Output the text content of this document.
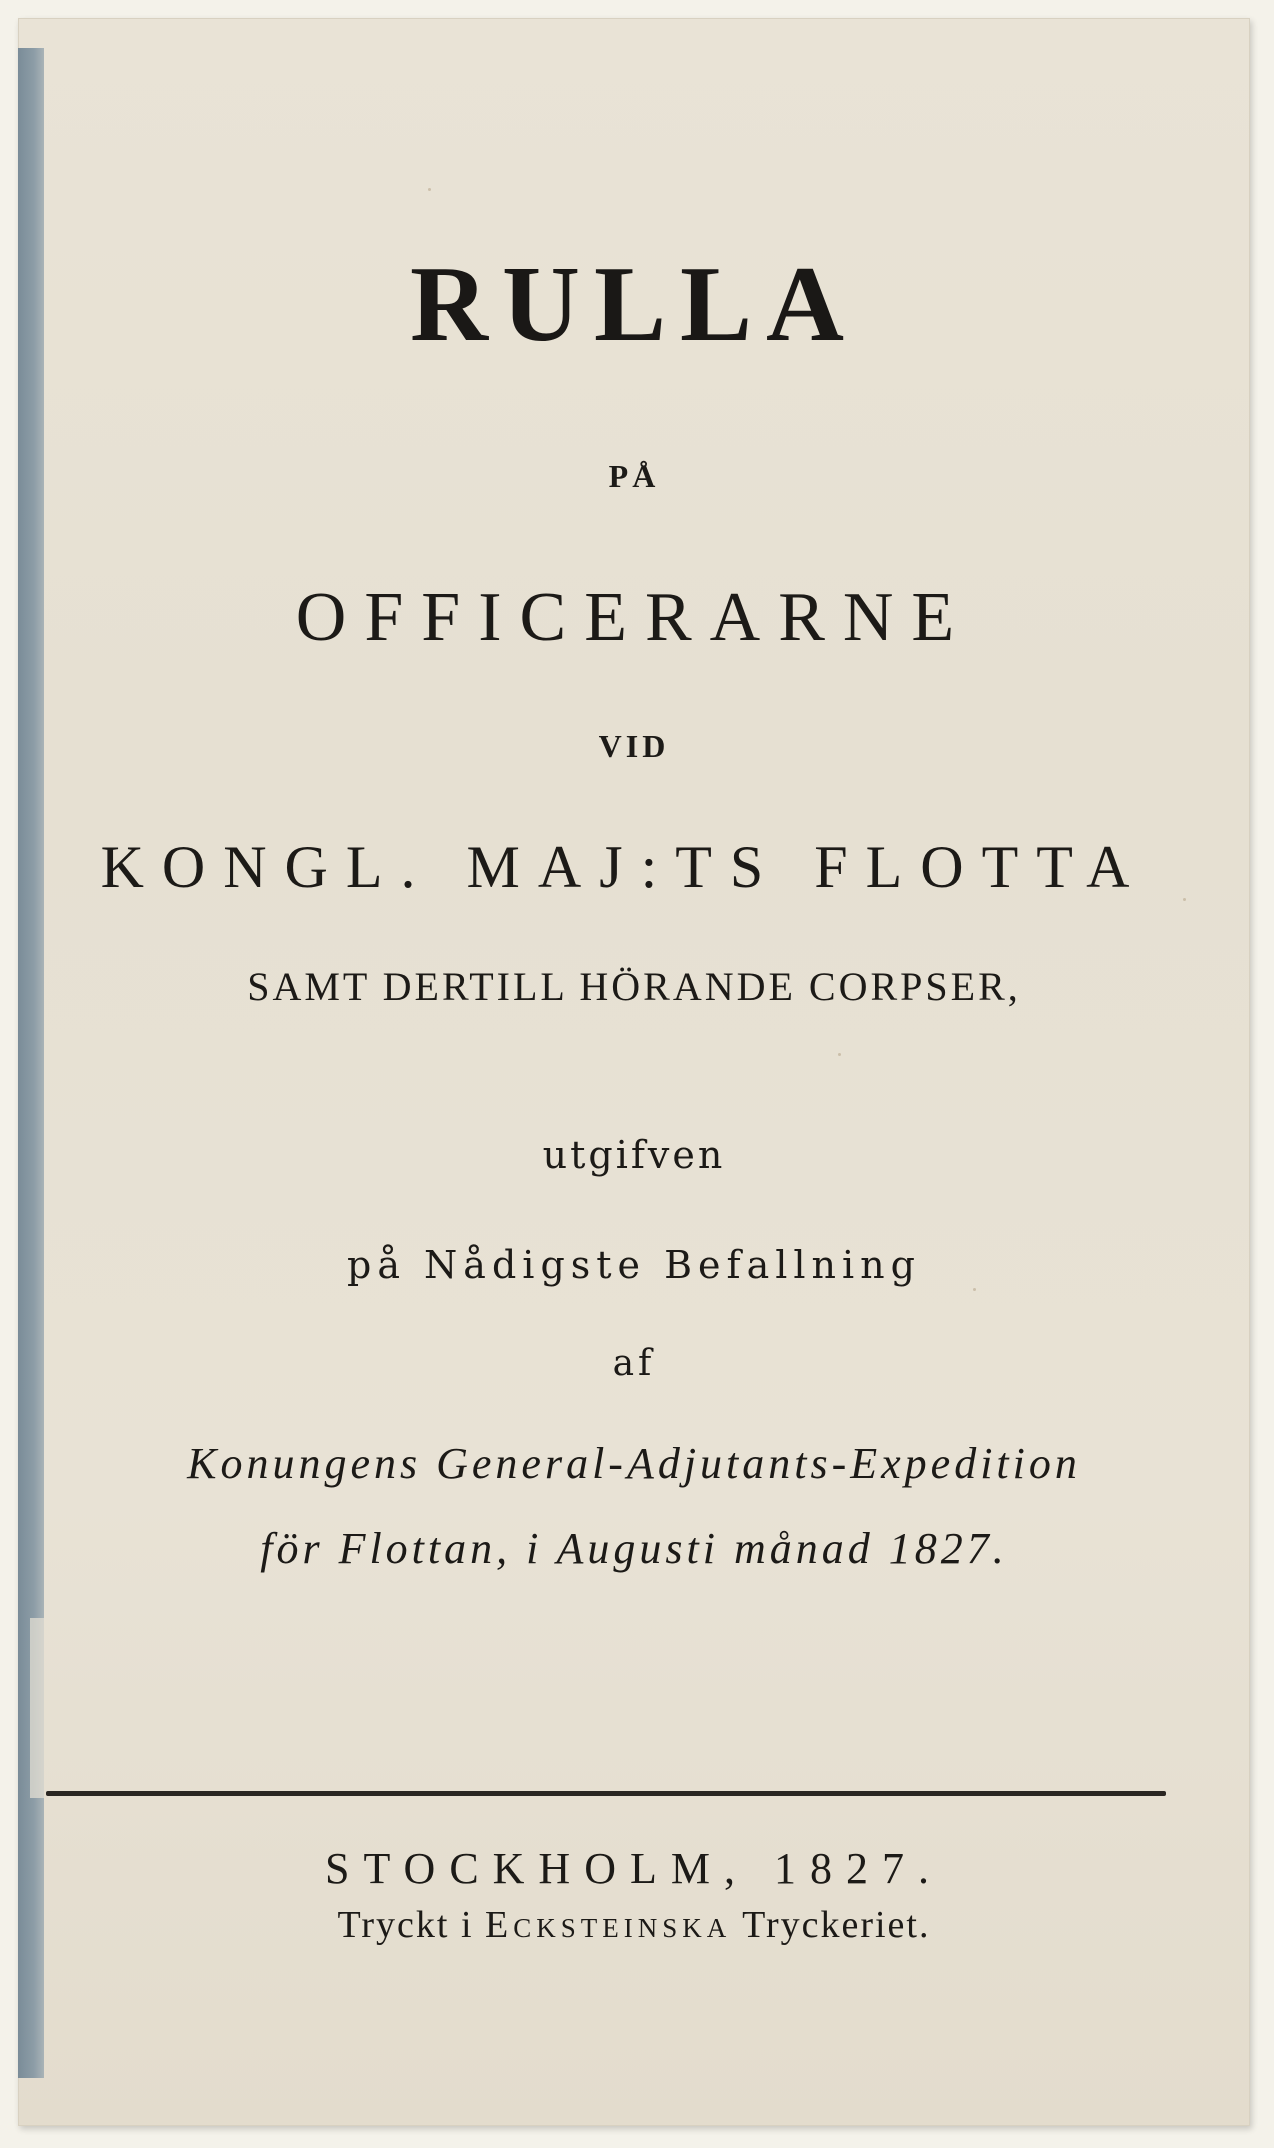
RULLA
PÅ
OFFICERARNE
VID
KONGL. MAJ:TS FLOTTA
SAMT DERTILL HÖRANDE CORPSER,
utgifven
på Nådigste Befallning
af
Konungens General-Adjutants-Expedition
för Flottan, i Augusti månad 1827.
STOCKHOLM, 1827.
Tryckt i Ecksteinska Tryckeriet.
